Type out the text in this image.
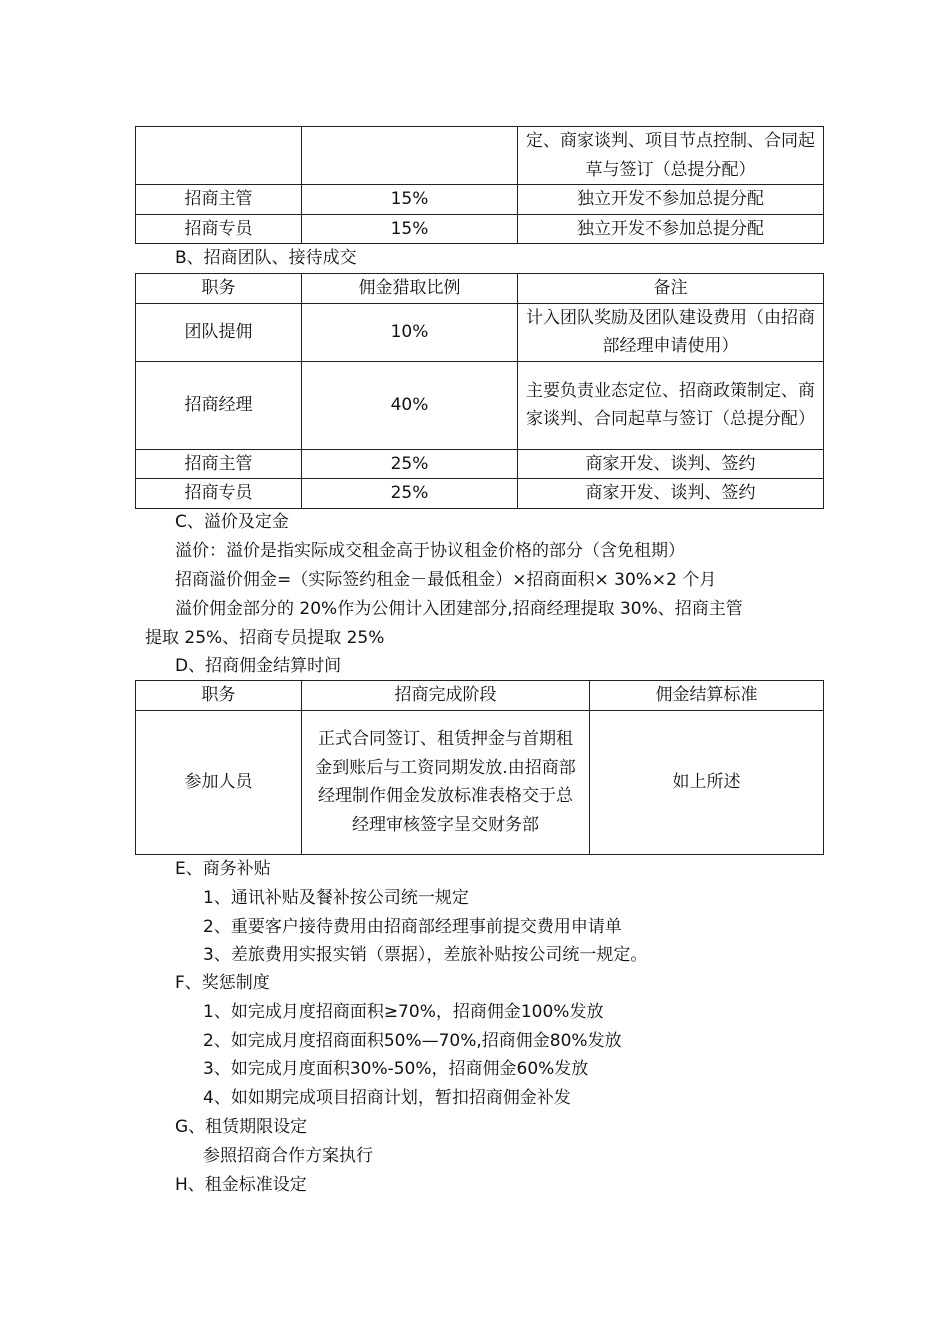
		定、商家谈判、项目节点控制、合同起草与签订（总提分配）
招商主管	15%	独立开发不参加总提分配
招商专员	15%	独立开发不参加总提分配
B、招商团队、接待成交
职务	佣金猎取比例	备注
团队提佣	10%	计入团队奖励及团队建设费用（由招商部经理申请使用）
招商经理	40%	主要负责业态定位、招商政策制定、商家谈判、合同起草与签订（总提分配）
招商主管	25%	商家开发、谈判、签约
招商专员	25%	商家开发、谈判、签约
C、溢价及定金
溢价：溢价是指实际成交租金高于协议租金价格的部分（含免租期）
招商溢价佣金=（实际签约租金－最低租金）×招商面积× 30%×2 个月
溢价佣金部分的 20%作为公佣计入团建部分,招商经理提取 30%、招商主管
提取 25%、招商专员提取 25%
D、招商佣金结算时间
职务	招商完成阶段	佣金结算标准
参加人员	正式合同签订、租赁押金与首期租金到账后与工资同期发放.由招商部经理制作佣金发放标准表格交于总经理审核签字呈交财务部	如上所述
E、商务补贴
1、通讯补贴及餐补按公司统一规定
2、重要客户接待费用由招商部经理事前提交费用申请单
3、差旅费用实报实销（票据），差旅补贴按公司统一规定。
F、奖惩制度
1、如完成月度招商面积≥70%，招商佣金100%发放
2、如完成月度招商面积50%—70%,招商佣金80%发放
3、如完成月度面积30%-50%，招商佣金60%发放
4、如如期完成项目招商计划，暂扣招商佣金补发
G、租赁期限设定
参照招商合作方案执行
H、租金标准设定
